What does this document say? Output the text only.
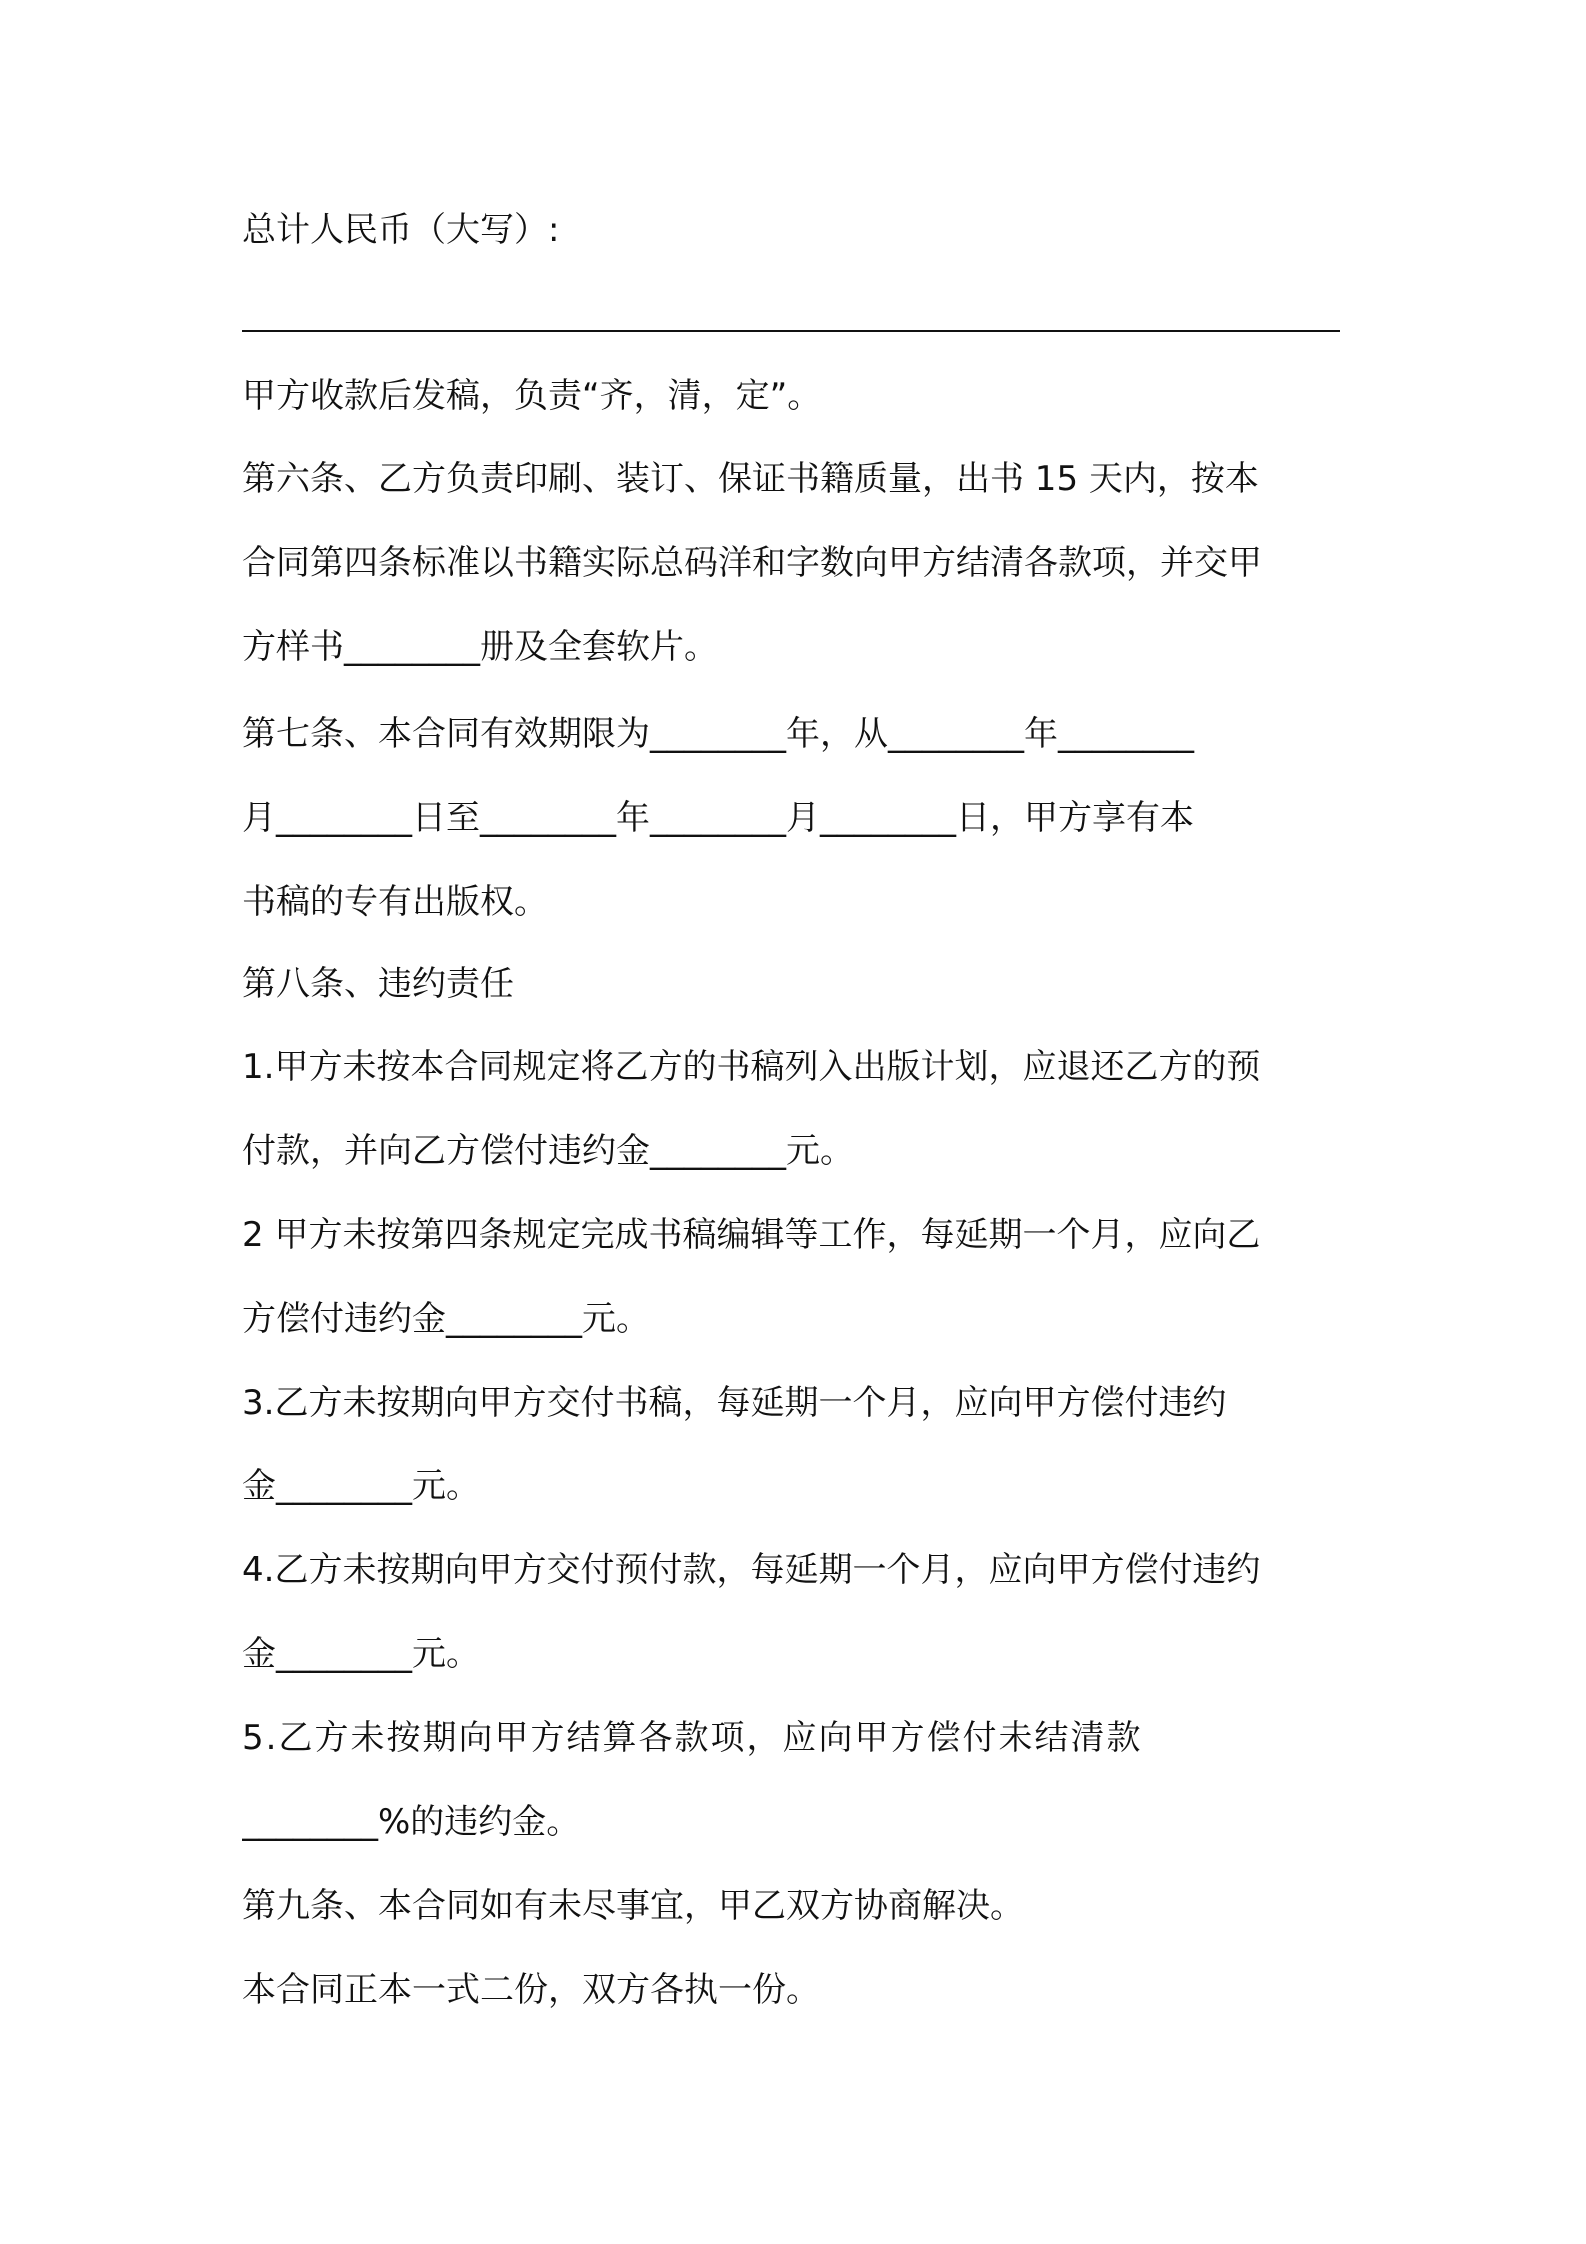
总计人民币（大写）:
甲方收款后发稿，负责“齐，清，定”。
第六条、乙方负责印刷、装订、保证书籍质量，出书 15 天内，按本
合同第四条标准以书籍实际总码洋和字数向甲方结清各款项，并交甲
方样书________册及全套软片。
第七条、本合同有效期限为________年，从________年________
月________日至________年________月________日，甲方享有本
书稿的专有出版权。
第八条、违约责任
1.甲方未按本合同规定将乙方的书稿列入出版计划，应退还乙方的预
付款，并向乙方偿付违约金________元。
2 甲方未按第四条规定完成书稿编辑等工作，每延期一个月，应向乙
方偿付违约金________元。
3.乙方未按期向甲方交付书稿，每延期一个月，应向甲方偿付违约
金________元。
4.乙方未按期向甲方交付预付款，每延期一个月，应向甲方偿付违约
金________元。
5.乙方未按期向甲方结算各款项，应向甲方偿付未结清款
________%的违约金。
第九条、本合同如有未尽事宜，甲乙双方协商解决。
本合同正本一式二份，双方各执一份。
